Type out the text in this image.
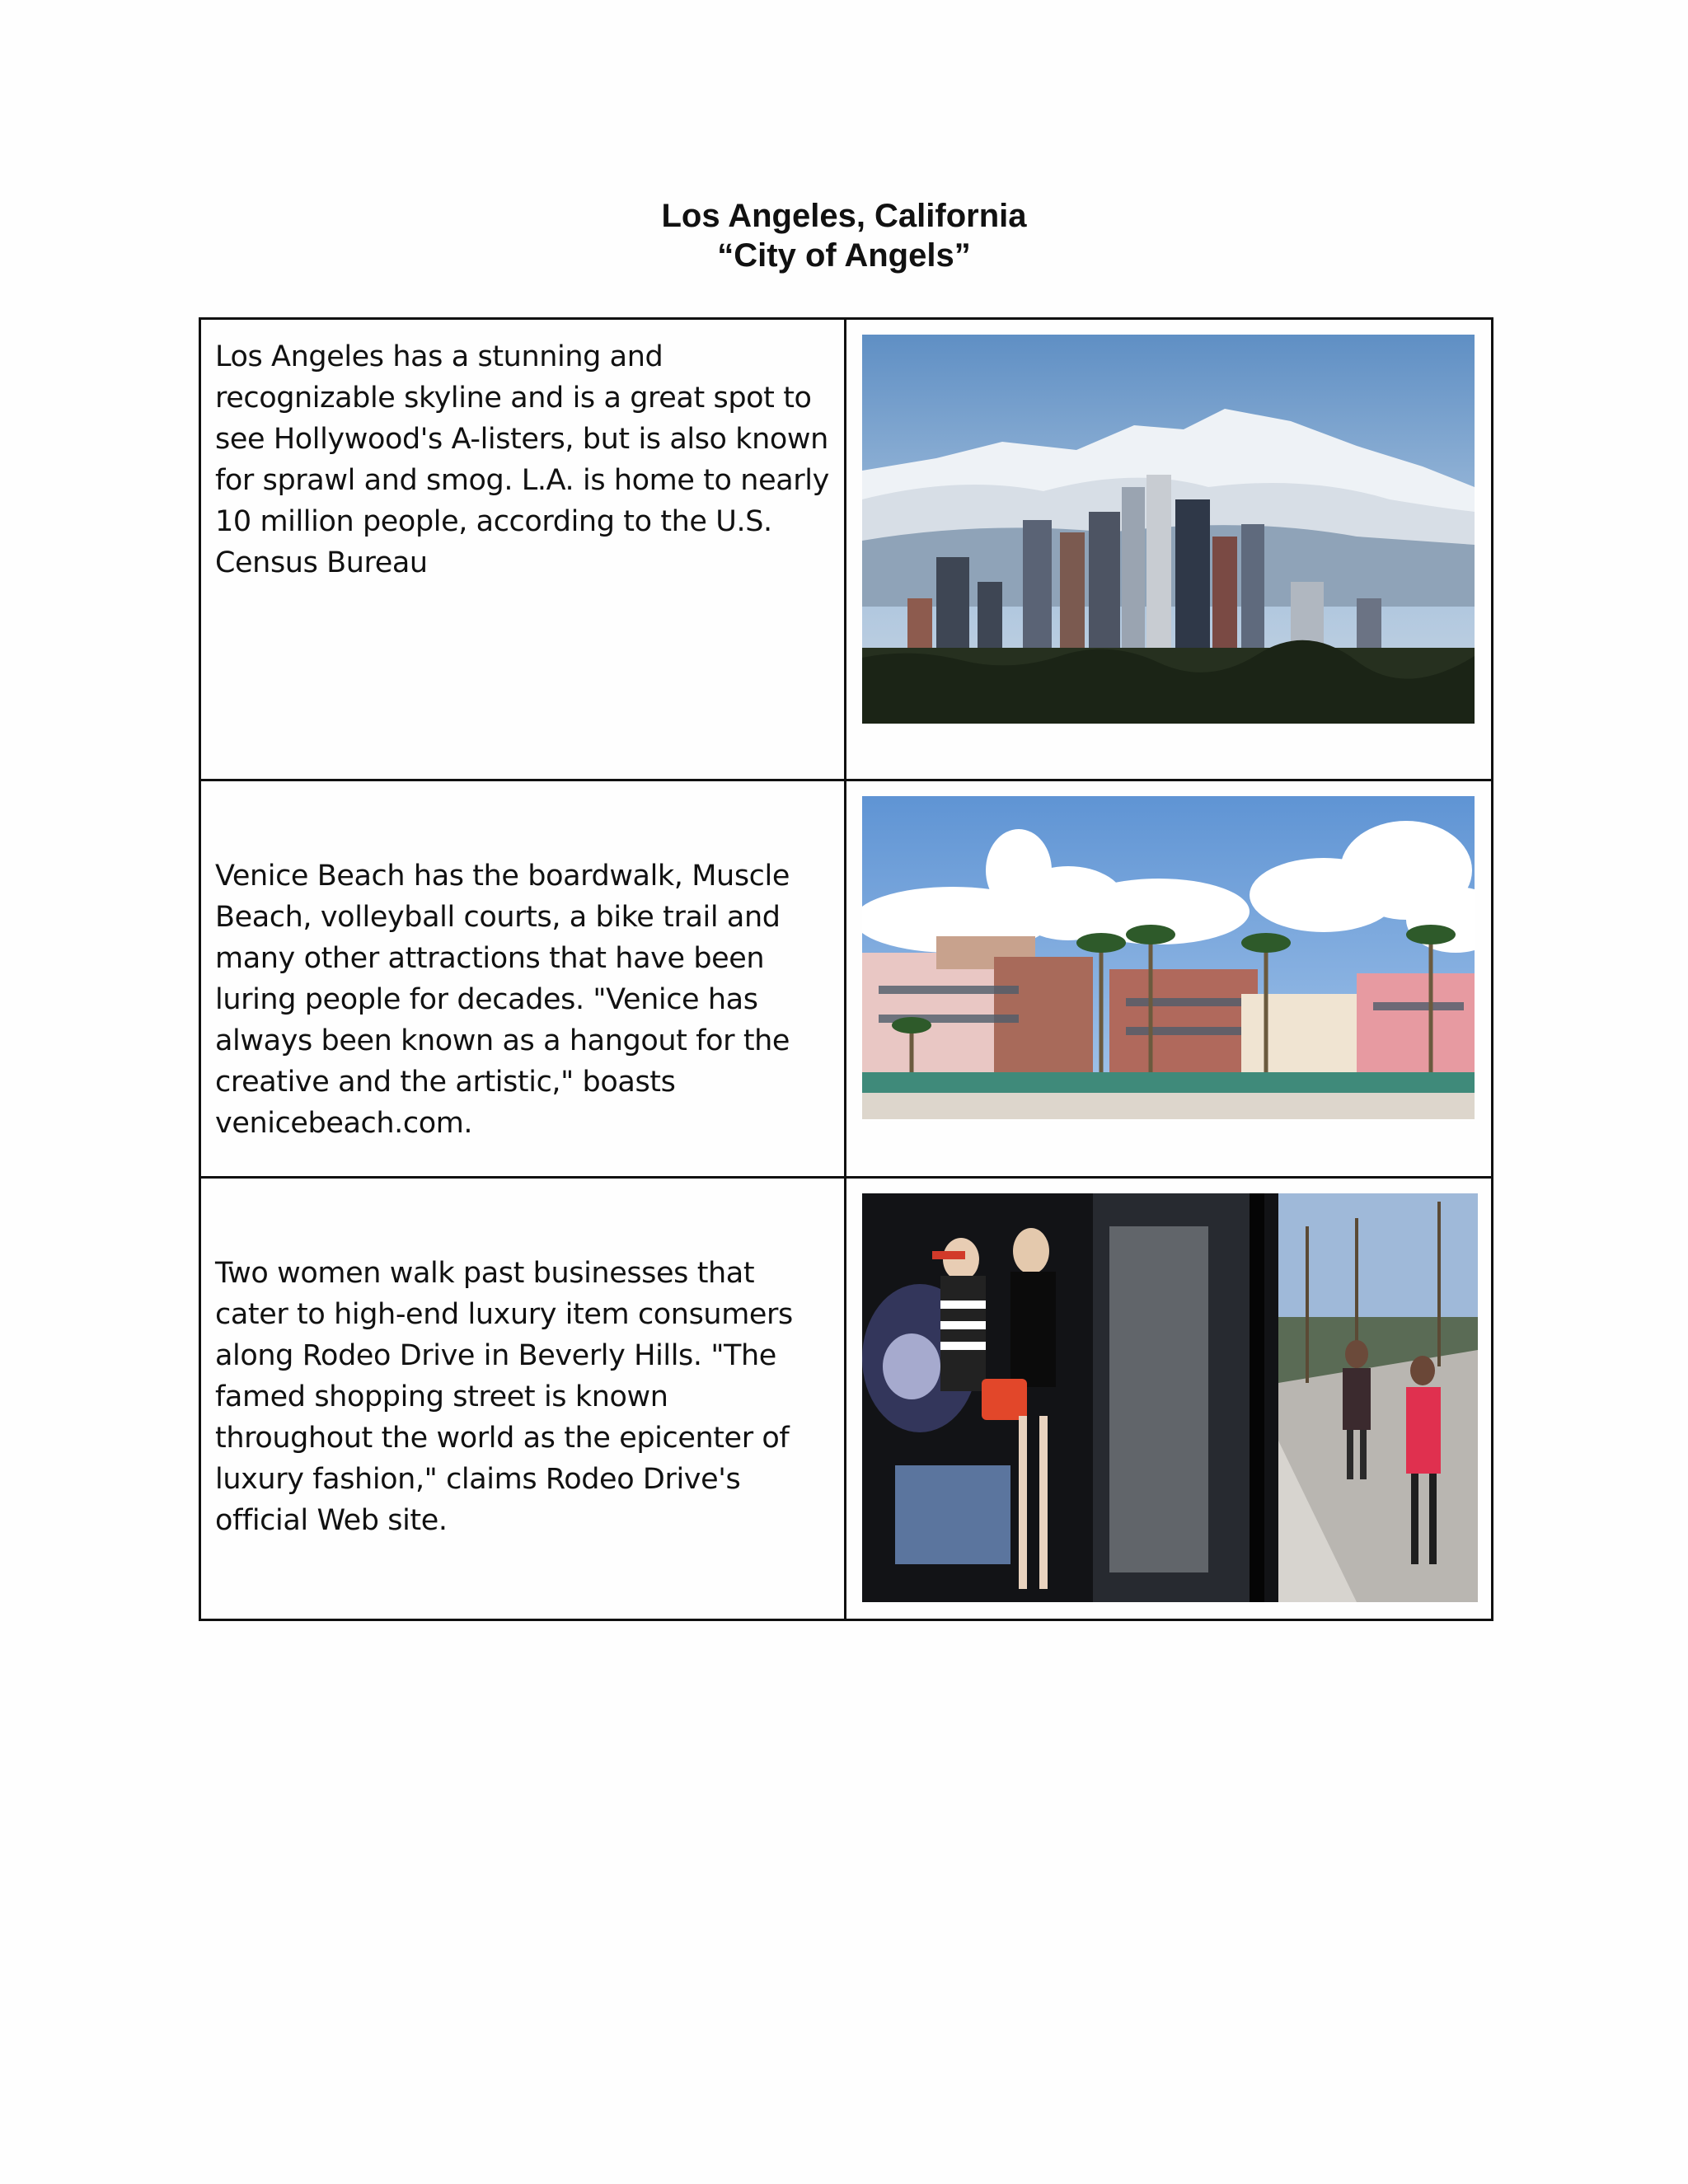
Los Angeles, California
“City of Angels”
Los Angeles has a stunning and recognizable skyline and is a great spot to see Hollywood's A-listers, but is also known for sprawl and smog. L.A. is home to nearly 10 million people, according to the U.S. Census Bureau

Venice Beach has the boardwalk, Muscle Beach, volleyball courts, a bike trail and many other attractions that have been luring people for decades. "Venice has always been known as a hangout for the creative and the artistic," boasts venicebeach.com.

Two women walk past businesses that cater to high-end luxury item consumers along Rodeo Drive in Beverly Hills. "The famed shopping street is known throughout the world as the epicenter of luxury fashion," claims Rodeo Drive's official Web site.
